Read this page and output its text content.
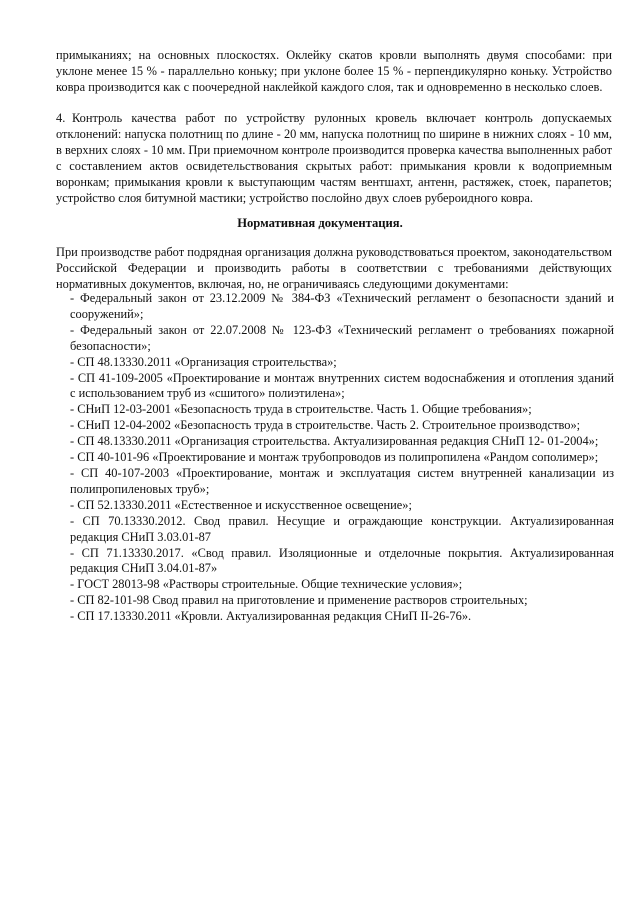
примыканиях; на основных плоскостях. Оклейку скатов кровли выполнять двумя способами: при уклоне менее 15 % - параллельно коньку; при уклоне более 15 % - перпендикулярно коньку. Устройство ковра производится как с поочередной наклейкой каждого слоя, так и одновременно в несколько слоев.

4. Контроль качества работ по устройству рулонных кровель включает контроль допускаемых отклонений: напуска полотнищ по длине - 20 мм, напуска полотнищ по ширине в нижних слоях - 10 мм, в верхних слоях - 10 мм. При приемочном контроле производится проверка качества выполненных работ с составлением актов освидетельствования скрытых работ: примыкания кровли к водоприемным воронкам; примыкания кровли к выступающим частям вентшахт, антенн, растяжек, стоек, парапетов; устройство слоя битумной мастики; устройство послойно двух слоев рубероидного ковра.

Нормативная документация.

При производстве работ подрядная организация должна руководствоваться проектом, законодательством Российской Федерации и производить работы в соответствии с требованиями действующих нормативных документов, включая, но, не ограничиваясь следующими документами:

- Федеральный закон от 23.12.2009 № 384-ФЗ «Технический регламент о безопасности зданий и сооружений»;

- Федеральный закон от 22.07.2008 № 123-ФЗ «Технический регламент о требованиях пожарной безопасности»;

- СП 48.13330.2011 «Организация строительства»;

- СП 41-109-2005 «Проектирование и монтаж внутренних систем водоснабжения и отопления зданий с использованием труб из «сшитого» полиэтилена»;

- СНиП 12-03-2001 «Безопасность труда в строительстве. Часть 1. Общие требования»;

- СНиП 12-04-2002 «Безопасность труда в строительстве. Часть 2. Строительное производство»;

- СП 48.13330.2011 «Организация строительства. Актуализированная редакция СНиП 12- 01-2004»;

- СП 40-101-96 «Проектирование и монтаж трубопроводов из полипропилена «Рандом сополимер»;

- СП 40-107-2003 «Проектирование, монтаж и эксплуатация систем внутренней канализации из полипропиленовых труб»;

- СП 52.13330.2011 «Естественное и искусственное освещение»;

- СП 70.13330.2012. Свод правил. Несущие и ограждающие конструкции. Актуализированная редакция СНиП 3.03.01-87

- СП 71.13330.2017. «Свод правил. Изоляционные и отделочные покрытия. Актуализированная редакция СНиП 3.04.01-87»

- ГОСТ 28013-98 «Растворы строительные. Общие технические условия»;

- СП 82-101-98 Свод правил на приготовление и применение растворов строительных;

- СП 17.13330.2011 «Кровли. Актуализированная редакция СНиП II-26-76».
